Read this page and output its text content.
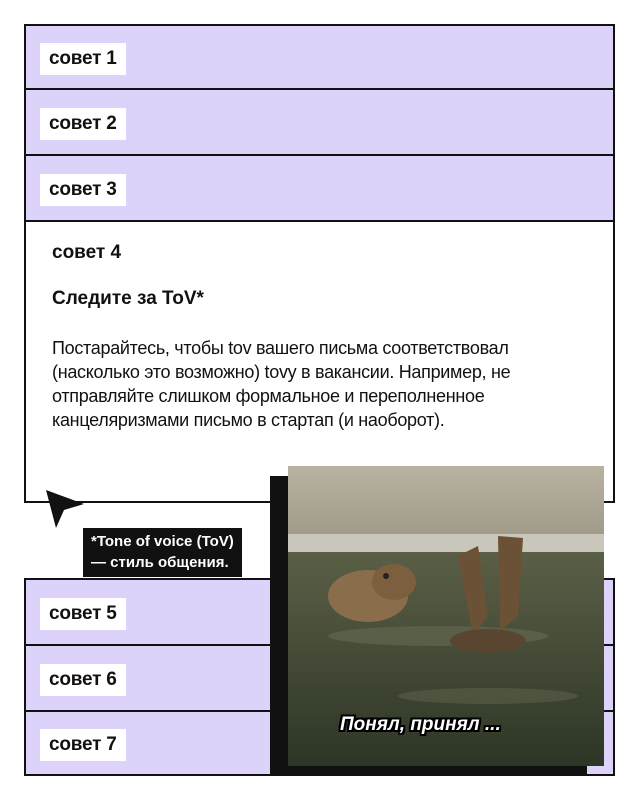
совет 1
совет 2
совет 3
совет 4
Следите за ToV*
Постарайтесь, чтобы tov вашего письма соответствовал (насколько это возможно) tovy в вакансии. Например, не отправляйте слишком формальное и переполненное канцеляризмами письмо в стартап (и наоборот).
совет 5
совет 6
совет 7
*Tone of voice (ToV)
— стиль общения.
Понял, принял ...
